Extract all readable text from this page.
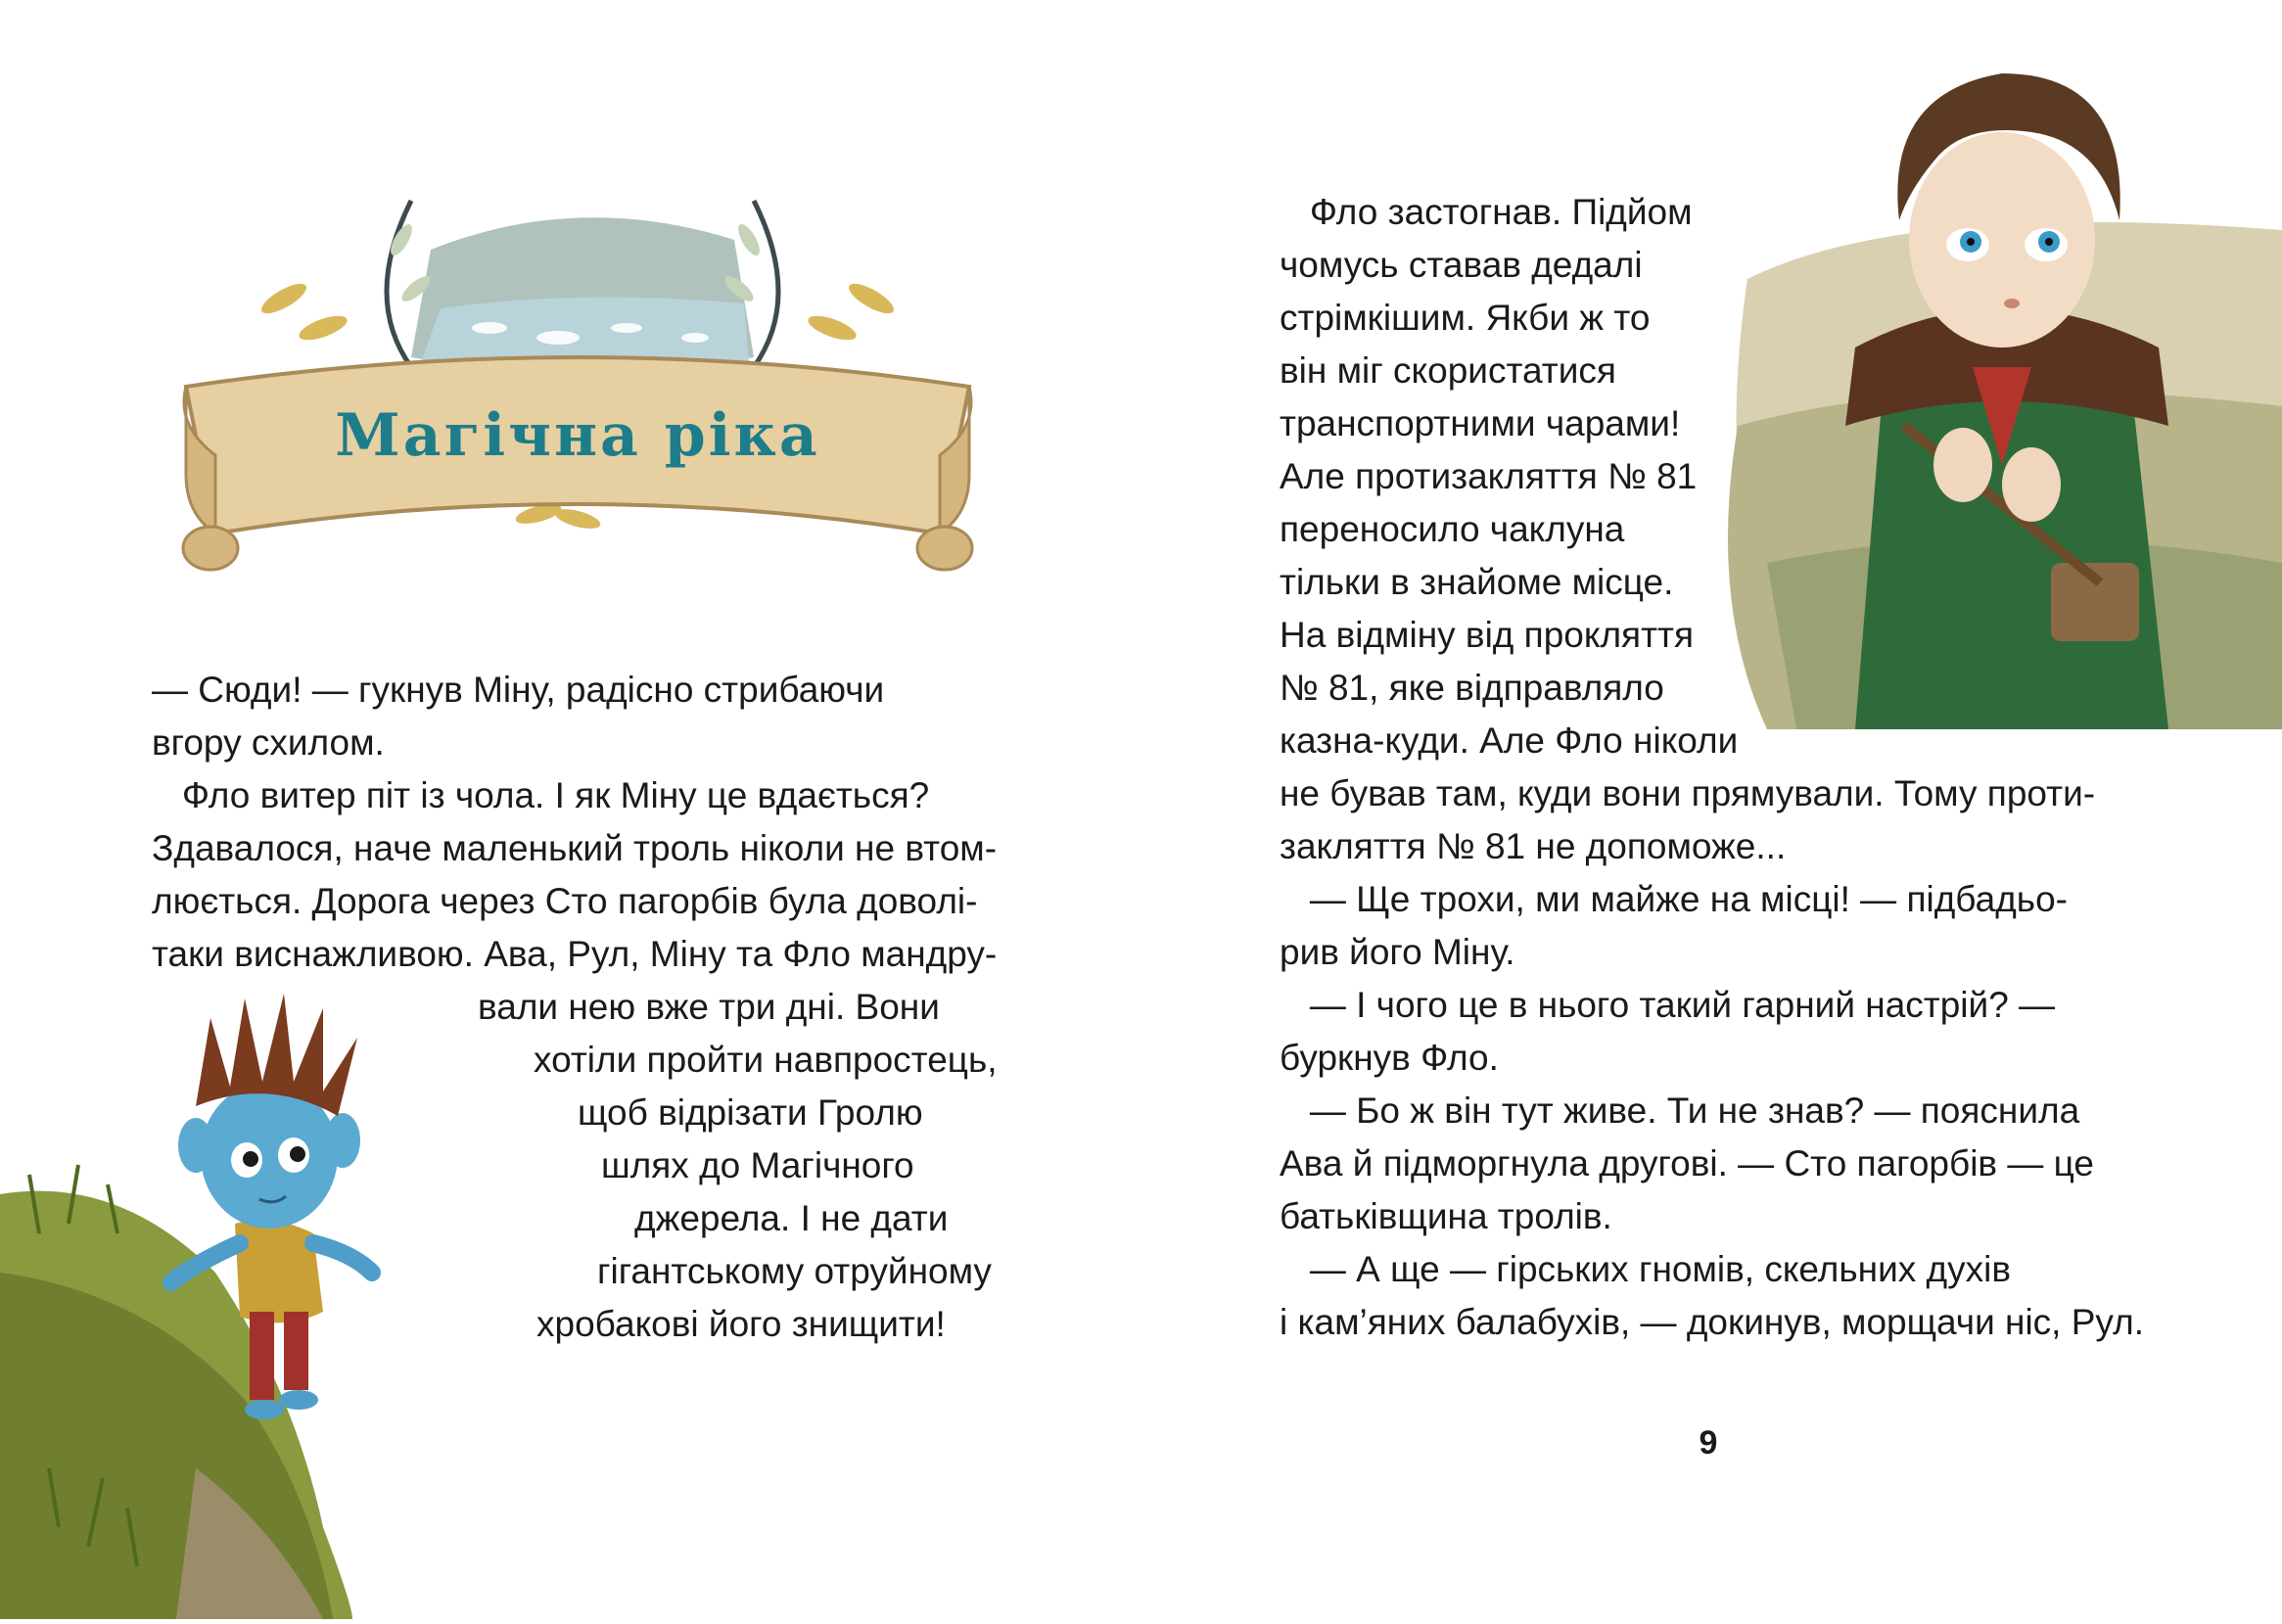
Магічна ріка

— Сюди! — гукнув Міну, радісно стрибаючи

вгору схилом.

Фло витер піт із чола. І як Міну це вдається?

Здавалося, наче маленький троль ніколи не втом-

люється. Дорога через Сто пагорбів була доволі-

таки виснажливою. Ава, Рул, Міну та Фло мандру-

вали нею вже три дні. Вони

хотіли пройти навпростець,

щоб відрізати Гролю

шлях до Магічного

джерела. І не дати

гігантському отруйному

хробакові його знищити!

Фло застогнав. Підйом

чомусь ставав дедалі

стрімкішим. Якби ж то

він міг скористатися

транспортними чарами!

Але протизакляття № 81

переносило чаклуна

тільки в знайоме місце.

На відміну від прокляття

№ 81, яке відправляло

казна-куди. Але Фло ніколи

не бував там, куди вони прямували. Тому проти-

закляття № 81 не допоможе...

— Ще трохи, ми майже на місці! — підбадьо-

рив його Міну.

— І чого це в нього такий гарний настрій? —

буркнув Фло.

— Бо ж він тут живе. Ти не знав? — пояснила

Ава й підморгнула другові. — Сто пагорбів — це

батьківщина тролів.

— А ще — гірських гномів, скельних духів

і кам’яних балабухів, — докинув, морщачи ніс, Рул.

9
